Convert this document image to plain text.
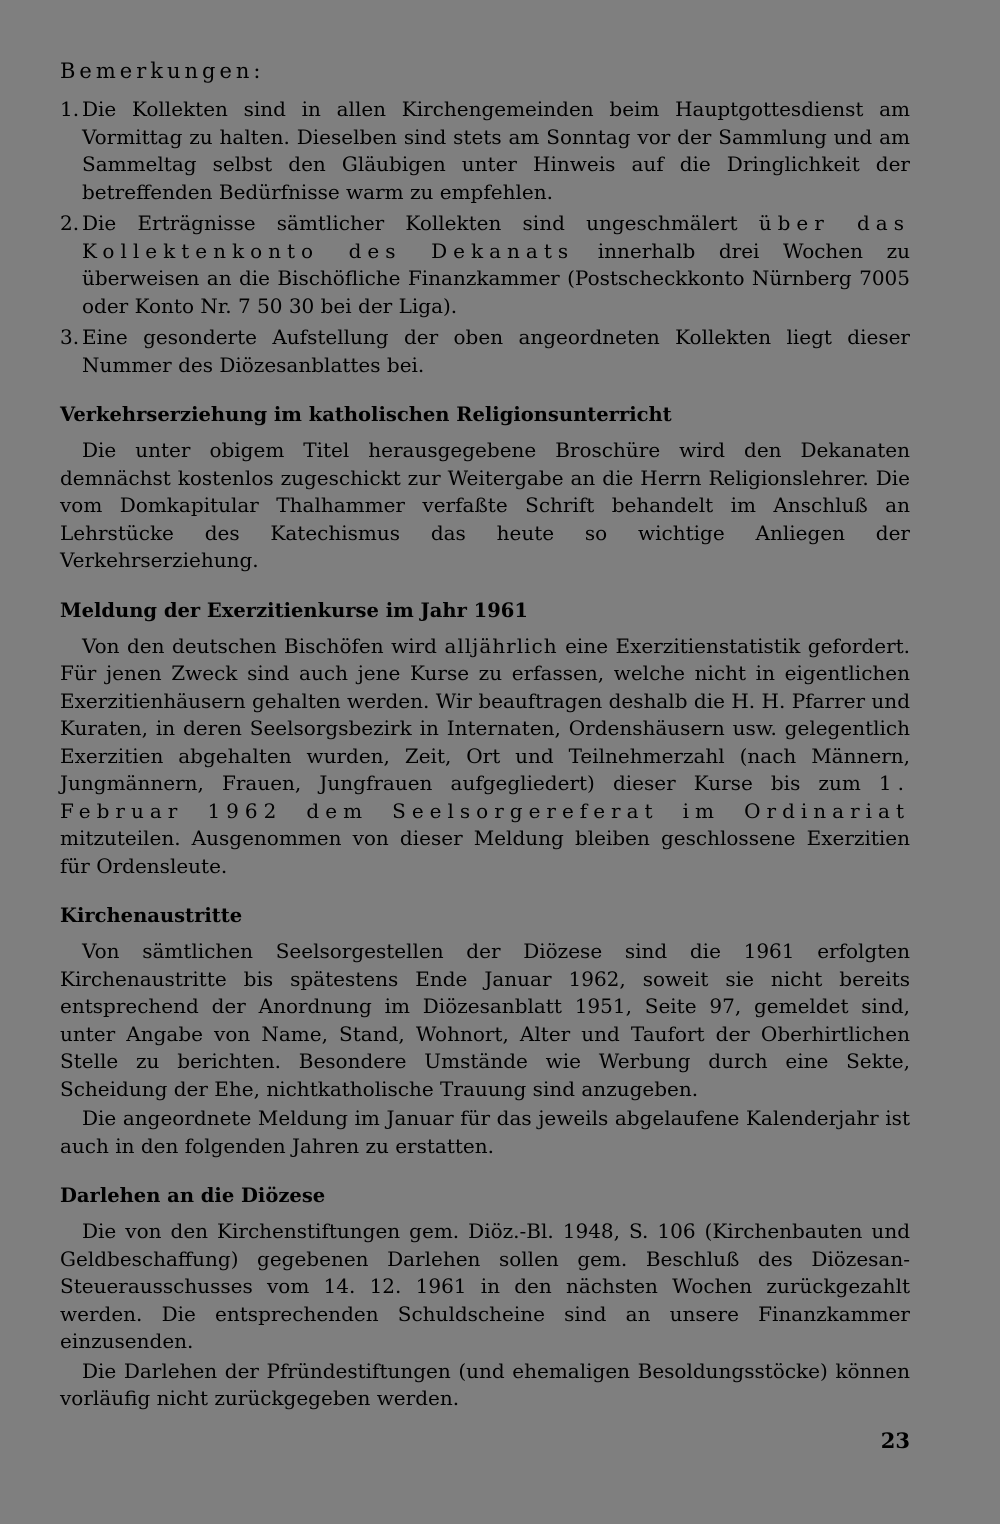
Bemerkungen:
1. Die Kollekten sind in allen Kirchengemeinden beim Hauptgottesdienst am Vormittag zu halten. Dieselben sind stets am Sonntag vor der Sammlung und am Sammeltag selbst den Gläubigen unter Hinweis auf die Dringlichkeit der betreffenden Bedürfnisse warm zu empfehlen.

2. Die Erträgnisse sämtlicher Kollekten sind ungeschmälert über das Kollektenkonto des Dekanats innerhalb drei Wochen zu überweisen an die Bischöfliche Finanzkammer (Postscheckkonto Nürnberg 7005 oder Konto Nr. 7 50 30 bei der Liga).

3. Eine gesonderte Aufstellung der oben angeordneten Kollekten liegt dieser Nummer des Diözesanblattes bei.

Verkehrserziehung im katholischen Religionsunterricht

Die unter obigem Titel herausgegebene Broschüre wird den Dekanaten demnächst kostenlos zugeschickt zur Weitergabe an die Herrn Religionslehrer. Die vom Domkapitular Thalhammer verfaßte Schrift behandelt im Anschluß an Lehrstücke des Katechismus das heute so wichtige Anliegen der Verkehrserziehung.

Meldung der Exerzitienkurse im Jahr 1961

Von den deutschen Bischöfen wird alljährlich eine Exerzitienstatistik gefordert. Für jenen Zweck sind auch jene Kurse zu erfassen, welche nicht in eigentlichen Exerzitienhäusern gehalten werden. Wir beauftragen deshalb die H. H. Pfarrer und Kuraten, in deren Seelsorgsbezirk in Internaten, Ordenshäusern usw. gelegentlich Exerzitien abgehalten wurden, Zeit, Ort und Teilnehmerzahl (nach Männern, Jungmännern, Frauen, Jungfrauen aufgegliedert) dieser Kurse bis zum 1. Februar 1962 dem Seelsorgereferat im Ordinariat mitzuteilen. Ausgenommen von dieser Meldung bleiben geschlossene Exerzitien für Ordensleute.

Kirchenaustritte

Von sämtlichen Seelsorgestellen der Diözese sind die 1961 erfolgten Kirchenaustritte bis spätestens Ende Januar 1962, soweit sie nicht bereits entsprechend der Anordnung im Diözesanblatt 1951, Seite 97, gemeldet sind, unter Angabe von Name, Stand, Wohnort, Alter und Taufort der Oberhirtlichen Stelle zu berichten. Besondere Umstände wie Werbung durch eine Sekte, Scheidung der Ehe, nichtkatholische Trauung sind anzugeben.

Die angeordnete Meldung im Januar für das jeweils abgelaufene Kalenderjahr ist auch in den folgenden Jahren zu erstatten.

Darlehen an die Diözese

Die von den Kirchenstiftungen gem. Diöz.-Bl. 1948, S. 106 (Kirchenbauten und Geldbeschaffung) gegebenen Darlehen sollen gem. Beschluß des Diözesan-Steuerausschusses vom 14. 12. 1961 in den nächsten Wochen zurückgezahlt werden. Die entsprechenden Schuldscheine sind an unsere Finanzkammer einzusenden.

Die Darlehen der Pfründestiftungen (und ehemaligen Besoldungsstöcke) können vorläufig nicht zurückgegeben werden.

23
